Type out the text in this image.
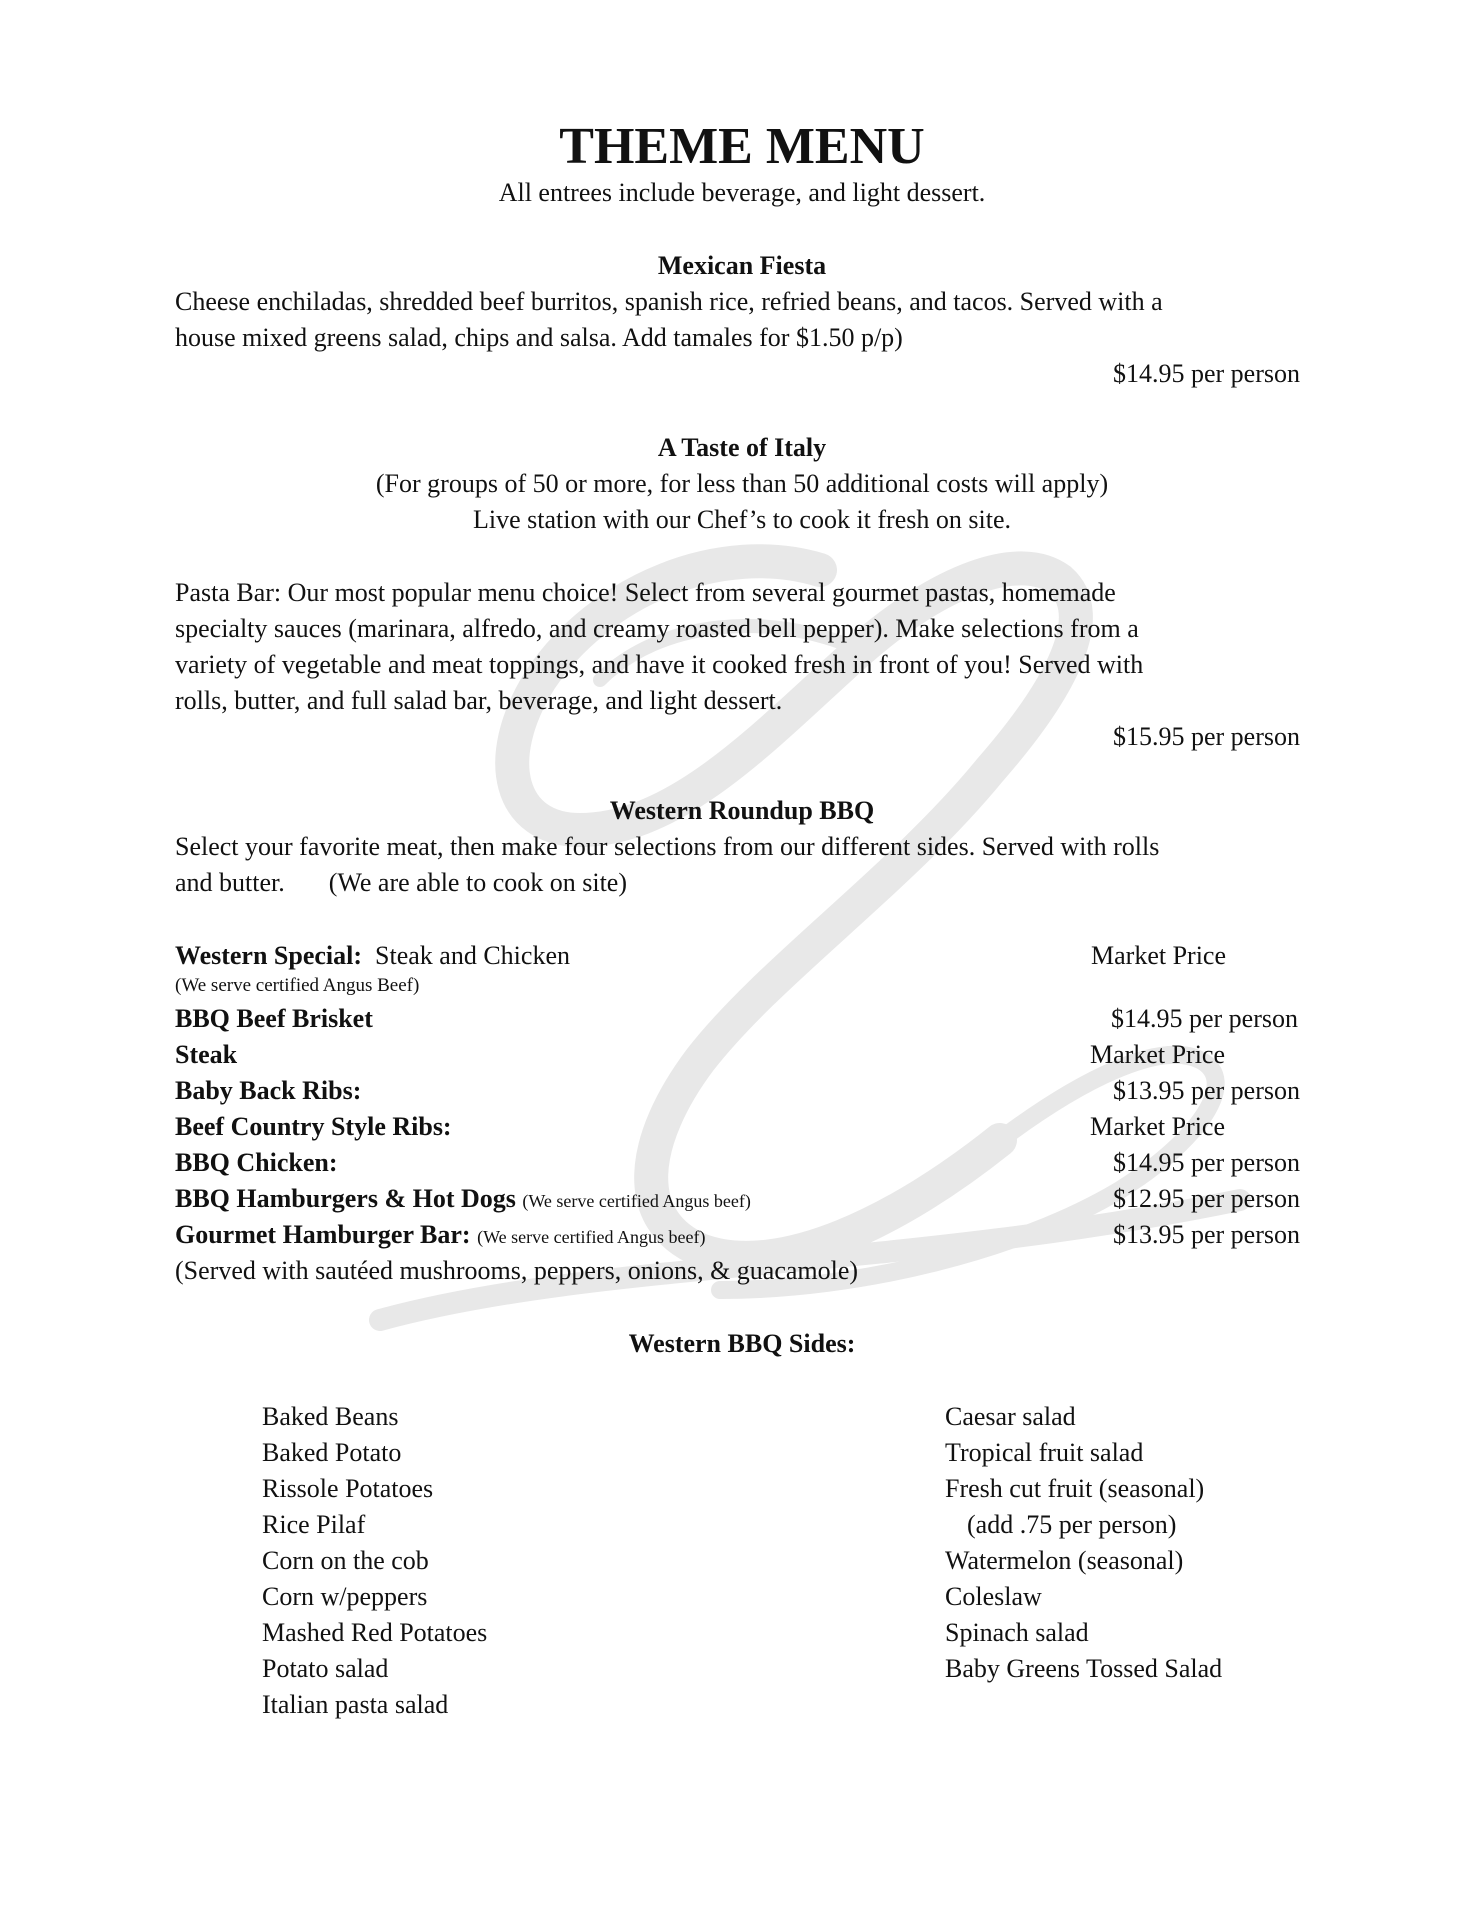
THEME MENU
All entrees include beverage, and light dessert.
Mexican Fiesta
Cheese enchiladas, shredded beef burritos, spanish rice, refried beans, and tacos. Served with a
house mixed greens salad, chips and salsa. Add tamales for $1.50 p/p)
$14.95 per person
A Taste of Italy
(For groups of 50 or more, for less than 50 additional costs will apply)
Live station with our Chef’s to cook it fresh on site.
Pasta Bar: Our most popular menu choice! Select from several gourmet pastas, homemade
specialty sauces (marinara, alfredo, and creamy roasted bell pepper). Make selections from a
variety of vegetable and meat toppings, and have it cooked fresh in front of you! Served with
rolls, butter, and full salad bar, beverage, and light dessert.
$15.95 per person
Western Roundup BBQ
Select your favorite meat, then make four selections from our different sides. Served with rolls
and butter. (We are able to cook on site)
Western Special: Steak and Chicken	Market Price
(We serve certified Angus Beef)
BBQ Beef Brisket	$14.95 per person
Steak	Market Price
Baby Back Ribs:	$13.95 per person
Beef Country Style Ribs:	Market Price
BBQ Chicken:	$14.95 per person
BBQ Hamburgers & Hot Dogs (We serve certified Angus beef)	$12.95 per person
Gourmet Hamburger Bar: (We serve certified Angus beef)	$13.95 per person
(Served with sautéed mushrooms, peppers, onions, & guacamole)
Western BBQ Sides:
Baked Beans
Baked Potato
Rissole Potatoes
Rice Pilaf
Corn on the cob
Corn w/peppers
Mashed Red Potatoes
Potato salad
Italian pasta salad
Caesar salad
Tropical fruit salad
Fresh cut fruit (seasonal)
(add .75 per person)
Watermelon (seasonal)
Coleslaw
Spinach salad
Baby Greens Tossed Salad
